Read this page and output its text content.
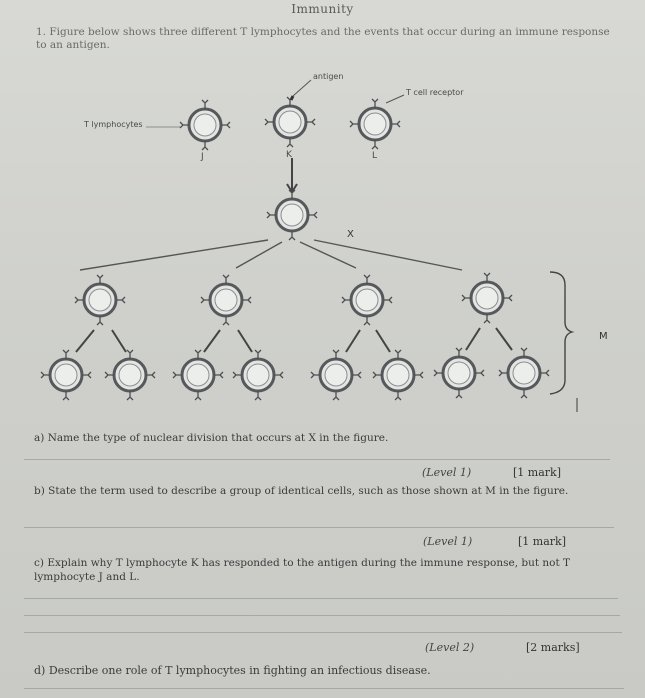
Immunity
1. Figure below shows three different T lymphocytes and the events that occur during an immune response to an antigen.
antigen
T cell receptor
T lymphocytes
J	K	L
X
M
a) Name the type of nuclear division that occurs at X in the figure.
(Level 1)	[1 mark]
b) State the term used to describe a group of identical cells, such as those shown at M in the figure.
(Level 1)	[1 mark]
c) Explain why T lymphocyte K has responded to the antigen during the immune response, but not T lymphocyte J and L.
(Level 2)	[2 marks]
d) Describe one role of T lymphocytes in fighting an infectious disease.
